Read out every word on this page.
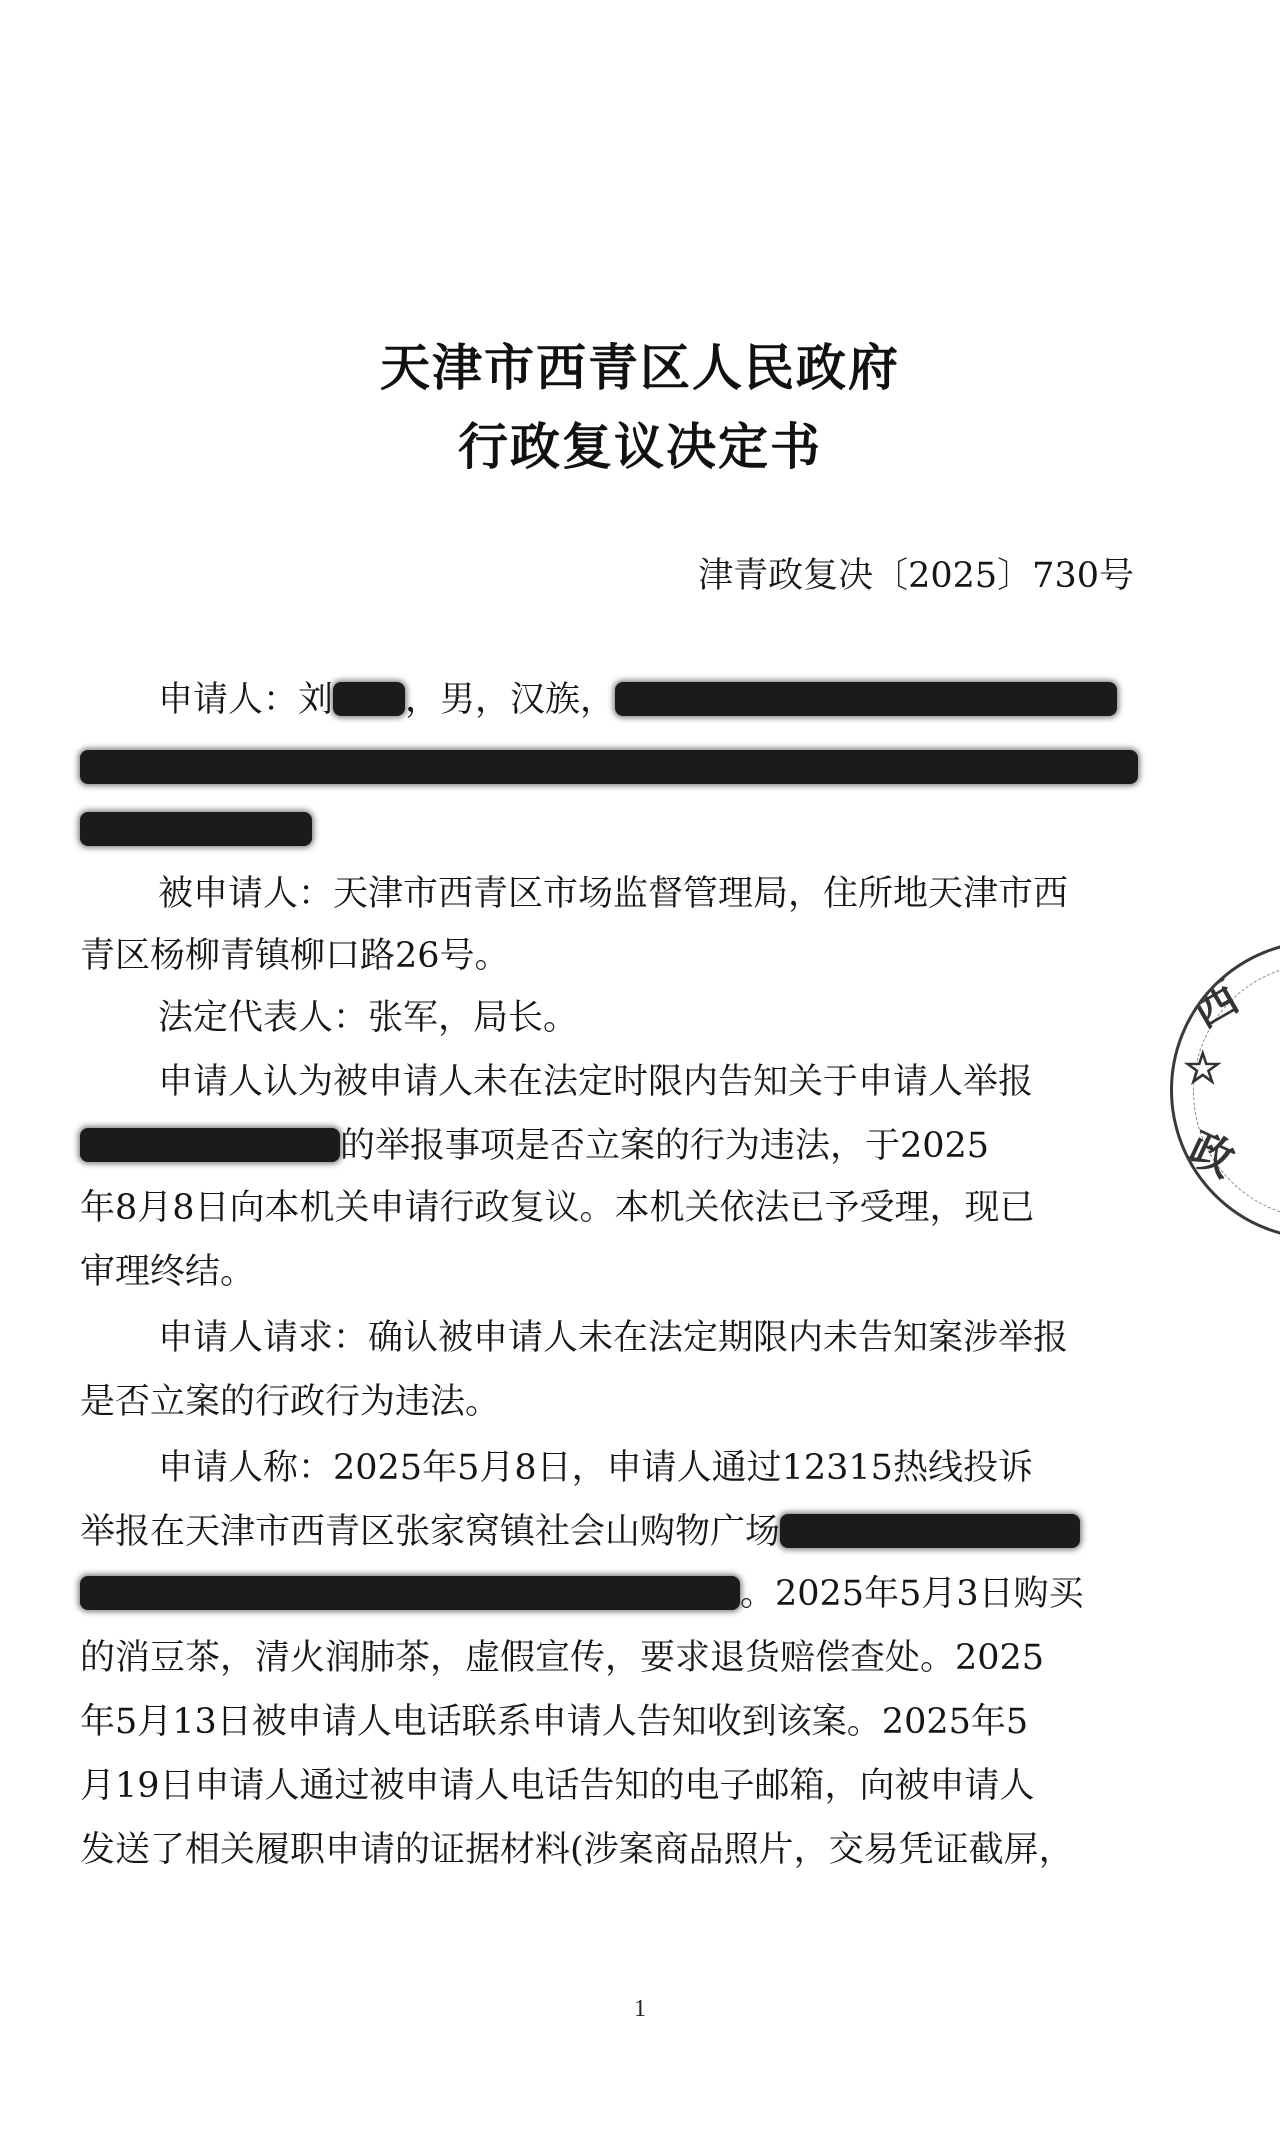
天津市西青区人民政府
行政复议决定书
津青政复决〔2025〕730号
申请人：刘 ，男，汉族，
被申请人：天津市西青区市场监督管理局，住所地天津市西
青区杨柳青镇柳口路26号。
法定代表人：张军，局长。
申请人认为被申请人未在法定时限内告知关于申请人举报
的举报事项是否立案的行为违法，于2025
年8月8日向本机关申请行政复议。本机关依法已予受理，现已
审理终结。
申请人请求：确认被申请人未在法定期限内未告知案涉举报
是否立案的行政行为违法。
申请人称：2025年5月8日，申请人通过12315热线投诉
举报在天津市西青区张家窝镇社会山购物广场
。2025年5月3日购买
的消豆茶，清火润肺茶，虚假宣传，要求退货赔偿查处。2025
年5月13日被申请人电话联系申请人告知收到该案。2025年5
月19日申请人通过被申请人电话告知的电子邮箱，向被申请人
发送了相关履职申请的证据材料(涉案商品照片，交易凭证截屏，
西
☆
政
1
